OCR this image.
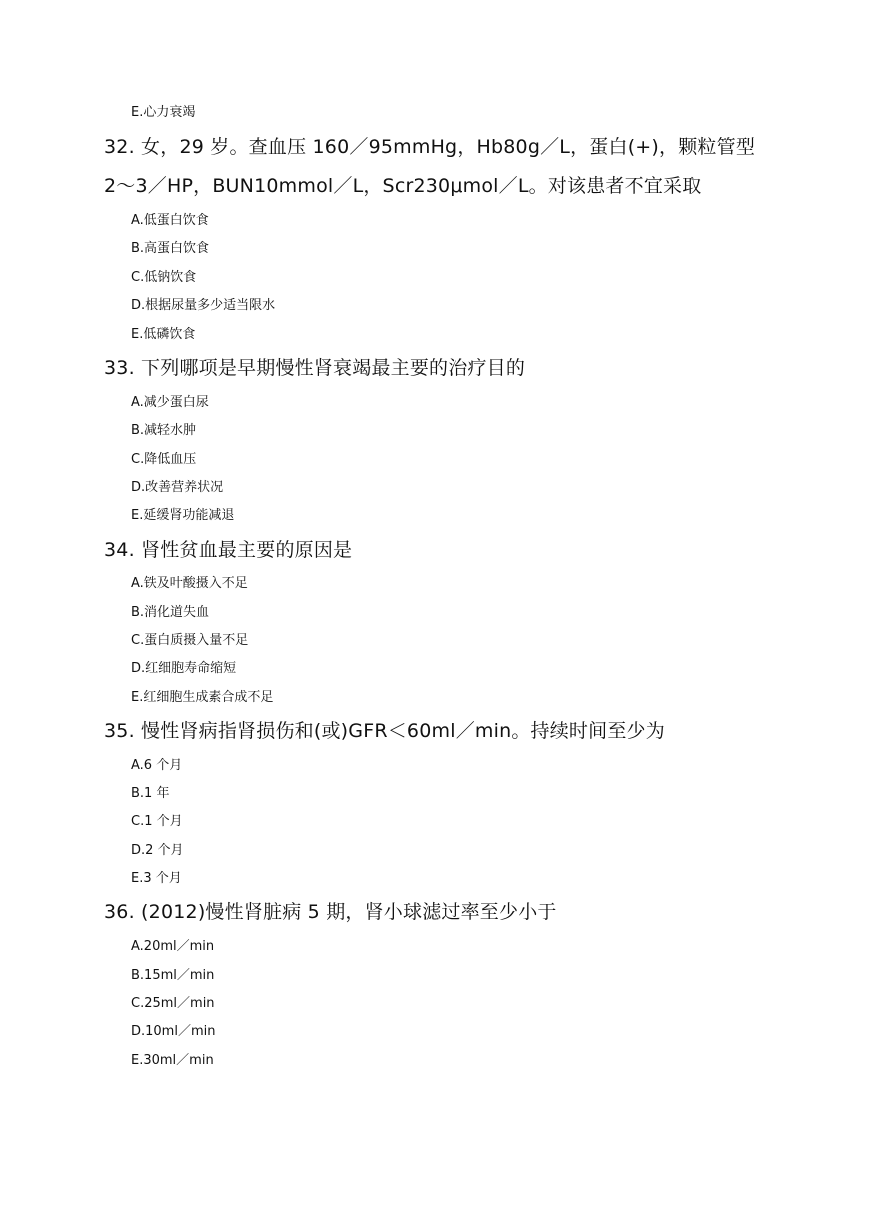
E.心力衰竭
32. 女，29 岁。查血压 160／95mmHg，Hb80g／L，蛋白(+)，颗粒管型
2～3／HP，BUN10mmol／L，Scr230μmol／L。对该患者不宜采取
A.低蛋白饮食
B.高蛋白饮食
C.低钠饮食
D.根据尿量多少适当限水
E.低磷饮食
33. 下列哪项是早期慢性肾衰竭最主要的治疗目的
A.减少蛋白尿
B.减轻水肿
C.降低血压
D.改善营养状况
E.延缓肾功能减退
34. 肾性贫血最主要的原因是
A.铁及叶酸摄入不足
B.消化道失血
C.蛋白质摄入量不足
D.红细胞寿命缩短
E.红细胞生成素合成不足
35. 慢性肾病指肾损伤和(或)GFR＜60ml／min。持续时间至少为
A.6 个月
B.1 年
C.1 个月
D.2 个月
E.3 个月
36. (2012)慢性肾脏病 5 期，肾小球滤过率至少小于
A.20ml／min
B.15ml／min
C.25ml／min
D.10ml／min
E.30ml／min
